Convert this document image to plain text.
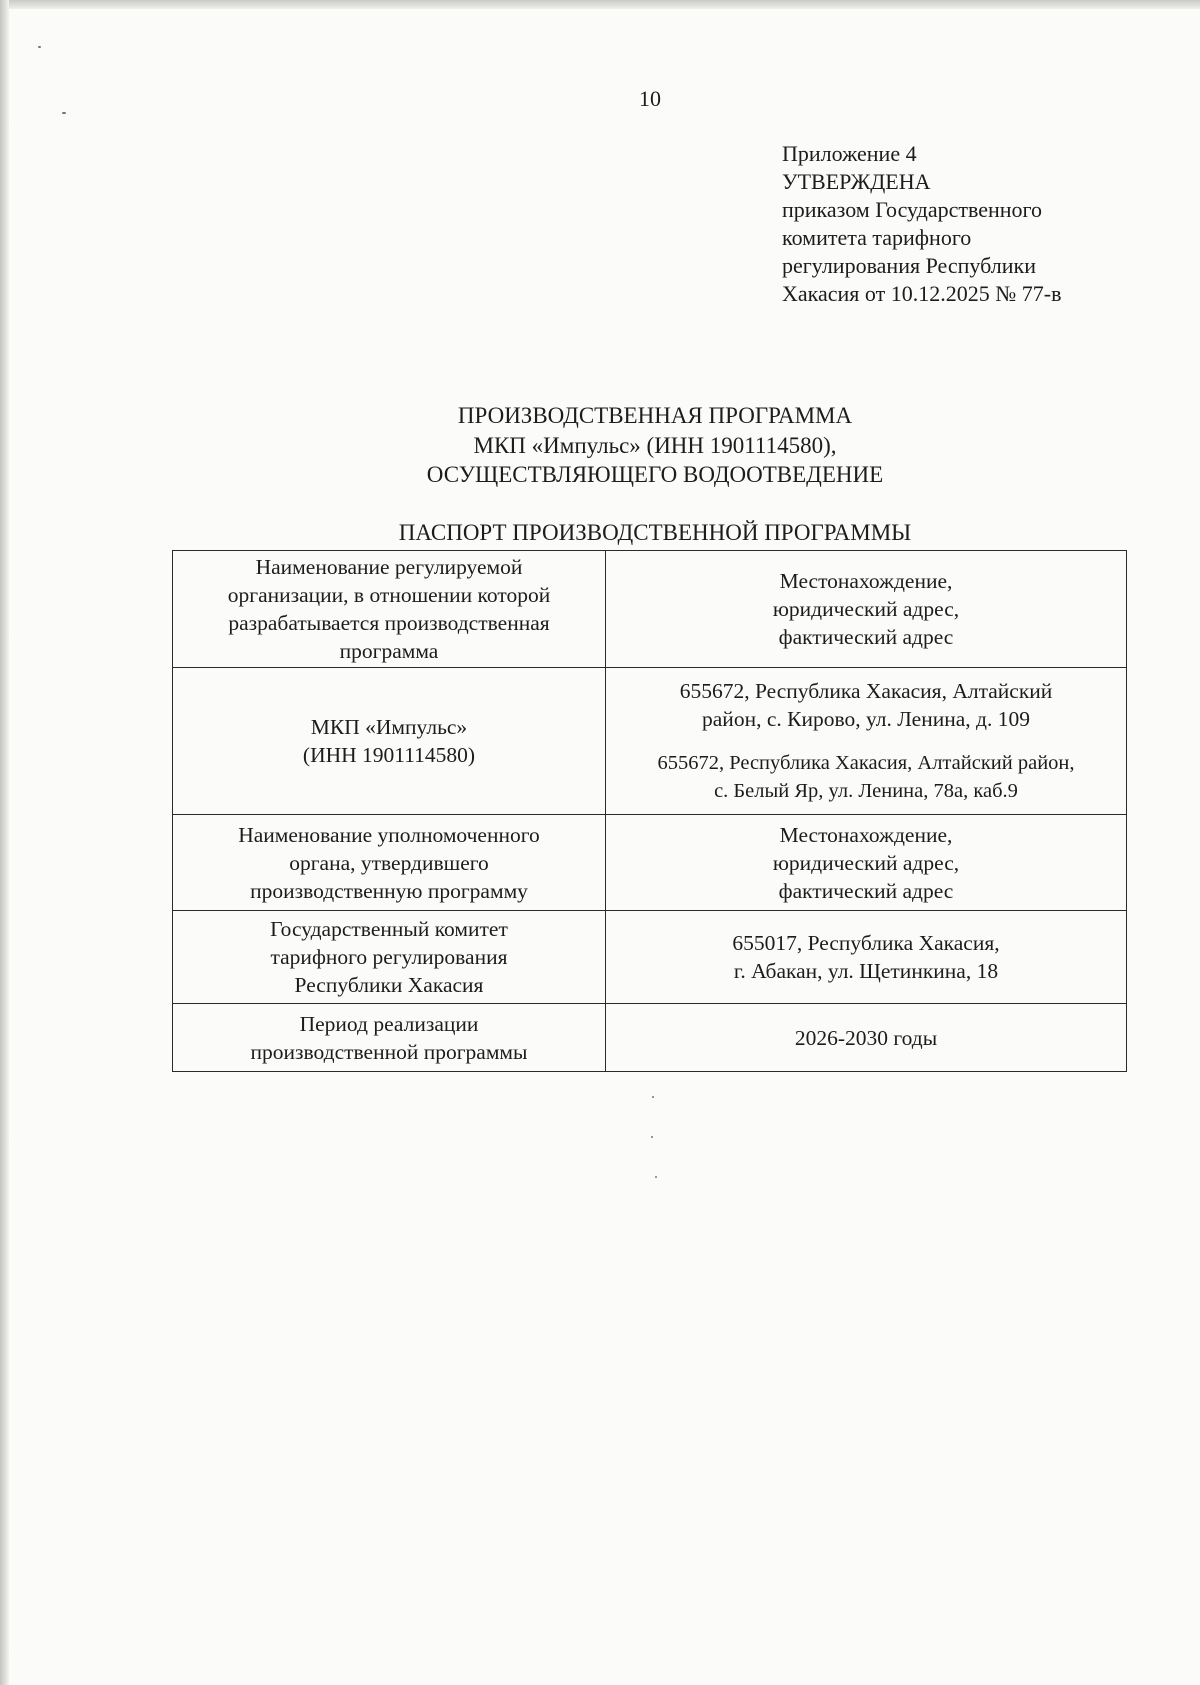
10
Приложение 4
УТВЕРЖДЕНА
приказом Государственного
комитета тарифного
регулирования Республики
Хакасия от 10.12.2025 № 77-в
ПРОИЗВОДСТВЕННАЯ ПРОГРАММА
МКП «Импульс» (ИНН 1901114580),
ОСУЩЕСТВЛЯЮЩЕГО ВОДООТВЕДЕНИЕ
ПАСПОРТ ПРОИЗВОДСТВЕННОЙ ПРОГРАММЫ
Наименование регулируемой
организации, в отношении которой
разрабатывается производственная
программа	Местонахождение,
юридический адрес,
фактический адрес

МКП «Импульс»
(ИНН 1901114580)	655672, Республика Хакасия, Алтайский
район, с. Кирово, ул. Ленина, д. 109
655672, Республика Хакасия, Алтайский район,
с. Белый Яр, ул. Ленина, 78а, каб.9

Наименование уполномоченного
органа, утвердившего
производственную программу	Местонахождение,
юридический адрес,
фактический адрес

Государственный комитет
тарифного регулирования
Республики Хакасия	655017, Республика Хакасия,
г. Абакан, ул. Щетинкина, 18

Период реализации
производственной программы	2026-2030 годы
